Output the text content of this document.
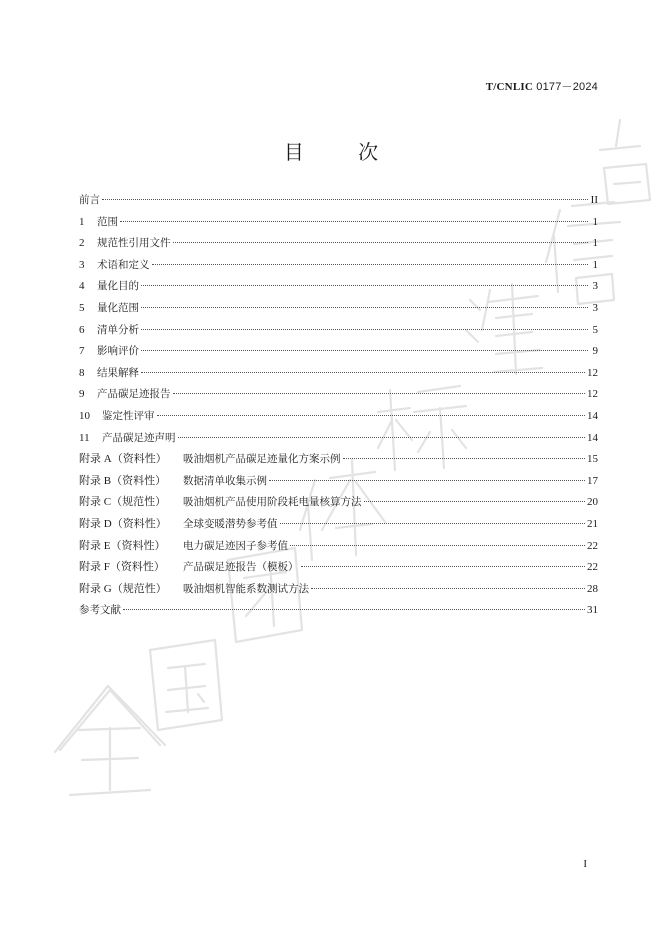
T/CNLIC 0177－2024
目 次
前言	II
1	范围	1
2	规范性引用文件	1
3	术语和定义	1
4	量化目的	3
5	量化范围	3
6	清单分析	5
7	影响评价	9
8	结果解释	12
9	产品碳足迹报告	12
10	鉴定性评审	14
11	产品碳足迹声明	14
附录 A（资料性）	吸油烟机产品碳足迹量化方案示例	15
附录 B（资料性）	数据清单收集示例	17
附录 C（规范性）	吸油烟机产品使用阶段耗电量核算方法	20
附录 D（资料性）	全球变暖潜势参考值	21
附录 E（资料性）	电力碳足迹因子参考值	22
附录 F（资料性）	产品碳足迹报告（模板）	22
附录 G（规范性）	吸油烟机智能系数测试方法	28
参考文献	31
I
